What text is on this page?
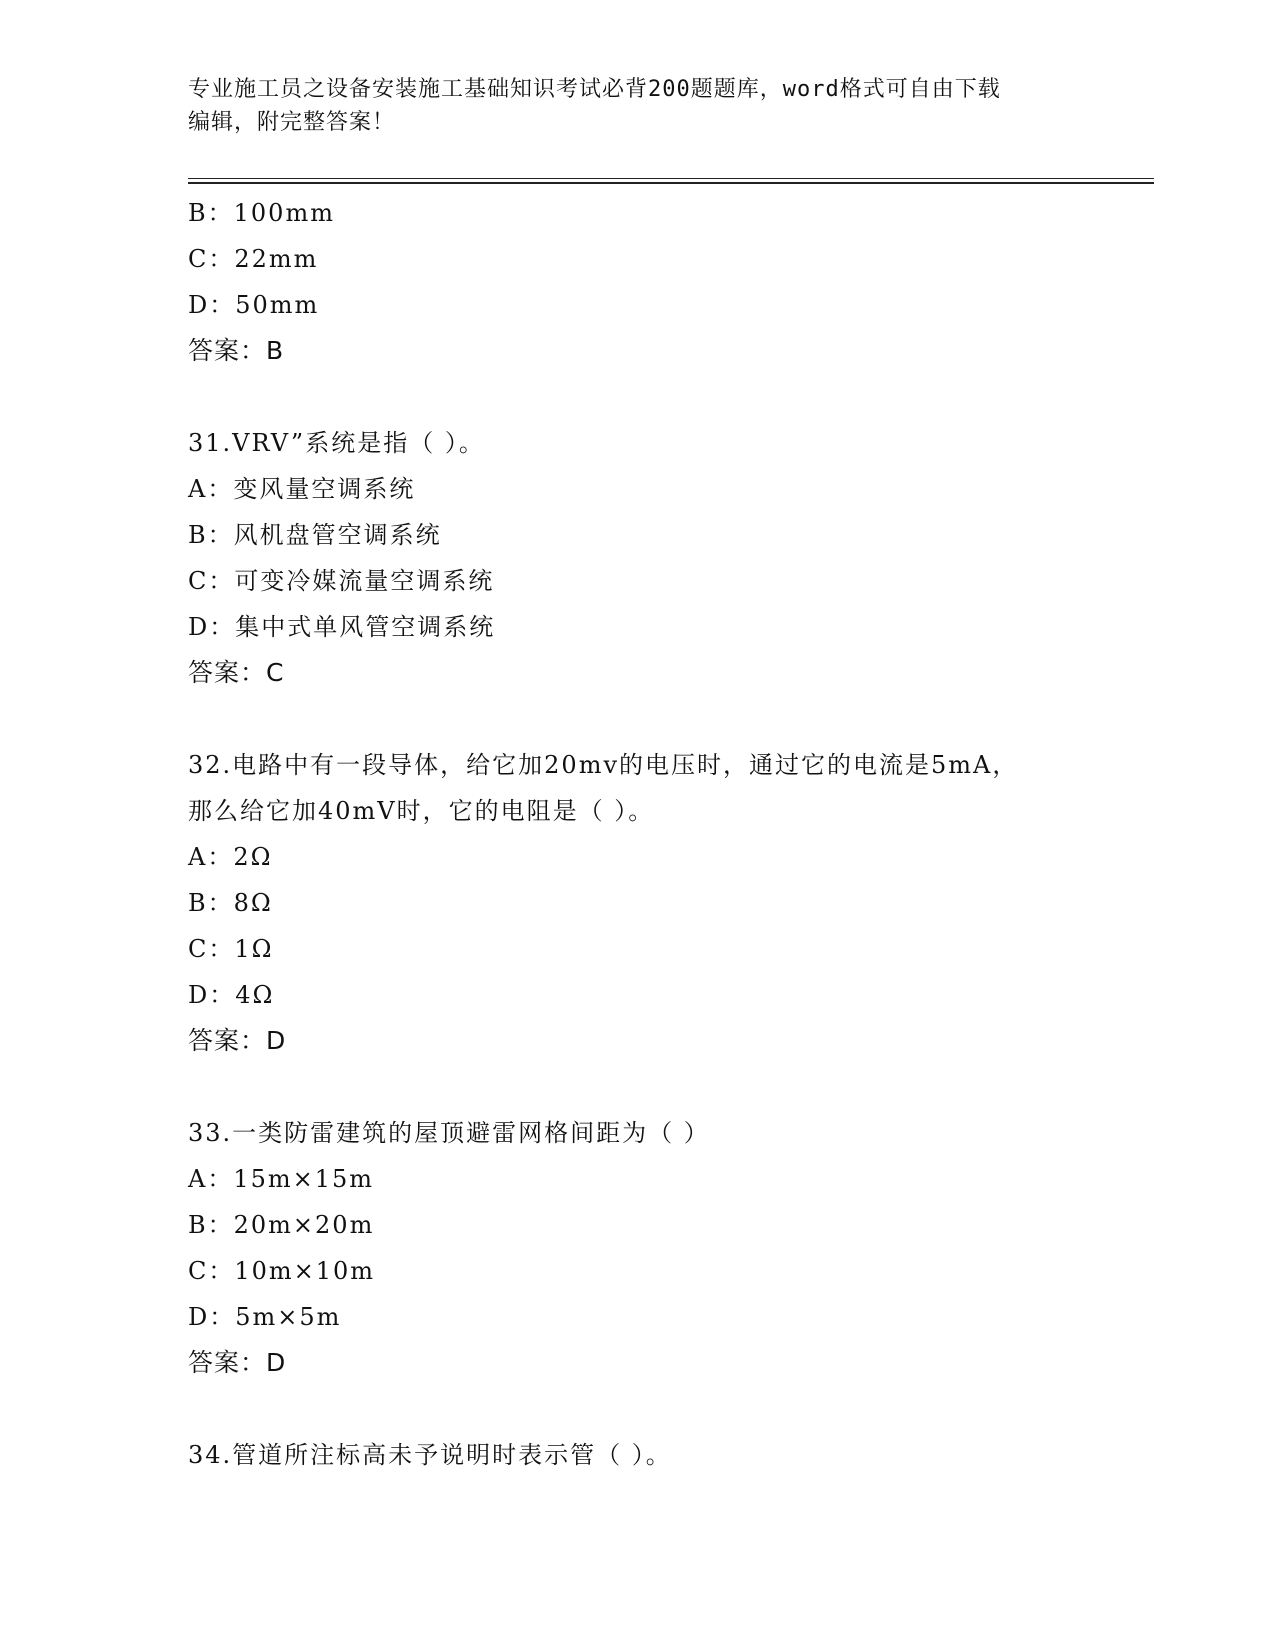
专业施工员之设备安装施工基础知识考试必背200题题库，word格式可自由下载
编辑，附完整答案！
B：100mm
C：22mm
D：50mm
答案：B
31.VRV”系统是指（ ）。
A：变风量空调系统
B：风机盘管空调系统
C：可变冷媒流量空调系统
D：集中式单风管空调系统
答案：C
32.电路中有一段导体，给它加20mv的电压时，通过它的电流是5mA，
那么给它加40mV时，它的电阻是（ ）。
A：2Ω
B：8Ω
C：1Ω
D：4Ω
答案：D
33.一类防雷建筑的屋顶避雷网格间距为（ ）
A：15m×15m
B：20m×20m
C：10m×10m
D：5m×5m
答案：D
34.管道所注标高未予说明时表示管（ ）。
